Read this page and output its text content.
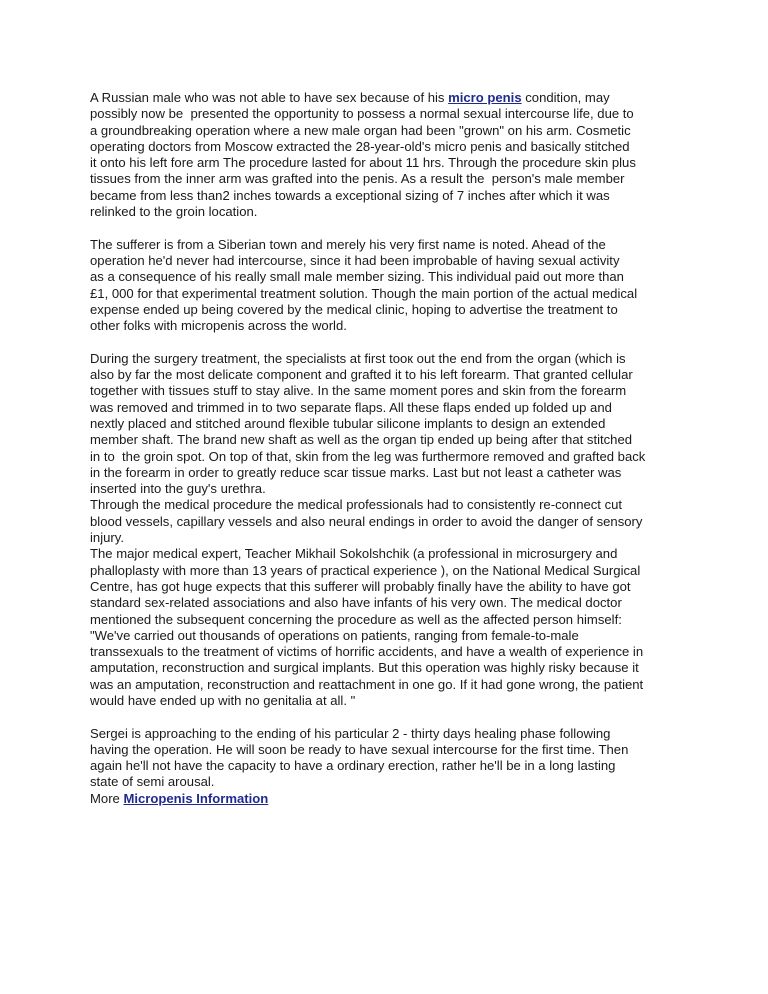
A Russian male who was not able to have sex because of his micro penis condition, may
possibly now be  presented the opportunity to possess a normal sexual intercourse life, due to
a groundbreaking operation where a new male organ had been "grown" on his arm. Cosmetic
operating doctors from Moscow extracted the 28-year-old's micro penis and basically stitched
it onto his left fore arm The procedure lasted for about 11 hrs. Through the procedure skin plus
tissues from the inner arm was grafted into the penis. As a result the  person's male member
became from less than2 inches towards a exceptional sizing of 7 inches after which it was
relinked to the groin location.
The sufferer is from a Siberian town and merely his very first name is noted. Ahead of the
operation he'd never had intercourse, since it had been improbable of having sexual activity
as a consequence of his really small male member sizing. This individual paid out more than
£1, 000 for that experimental treatment solution. Though the main portion of the actual medical
expense ended up being covered by the medical clinic, hoping to advertise the treatment to
other folks with micropenis across the world.
During the surgery treatment, the specialists at first toок out the end from the organ (which is
also by far the most delicate component and grafted it to his left forearm. That granted cellular
together with tissues stuff to stay alive. In the same moment pores and skin from the forearm
was removed and trimmed in to two separate flaps. All these flaps ended up folded up and
nextly placed and stitched around flexible tubular silicone implants to design an extended
member shaft. The brand new shaft as well as the organ tip ended up being after that stitched
in to  the groin spot. On top of that, skin from the leg was furthermore removed and grafted back
in the forearm in order to greatly reduce scar tissue marks. Last but not least a catheter was
inserted into the guy's urethra.
Through the medical procedure the medical professionals had to consistently re-connect cut
blood vessels, capillary vessels and also neural endings in order to avoid the danger of sensory
injury.
The major medical expert, Teacher Mikhail Sokolshchik (a professional in microsurgery and
phalloplasty with more than 13 years of practical experience ), on the National Medical Surgical
Centre, has got huge expects that this sufferer will probably finally have the ability to have got
standard sex-related associations and also have infants of his very own. The medical doctor
mentioned the subsequent concerning the procedure as well as the affected person himself:
"We've carried out thousands of operations on patients, ranging from female-to-male
transsexuals to the treatment of victims of horrific accidents, and have a wealth of experience in
amputation, reconstruction and surgical implants. But this operation was highly risky because it
was an amputation, reconstruction and reattachment in one go. If it had gone wrong, the patient
would have ended up with no genitalia at all. "
Sergei is approaching to the ending of his particular 2 - thirty days healing phase following
having the operation. He will soon be ready to have sexual intercourse for the first time. Then
again he'll not have the capacity to have a ordinary erection, rather he'll be in a long lasting
state of semi arousal.
More Micropenis Information
